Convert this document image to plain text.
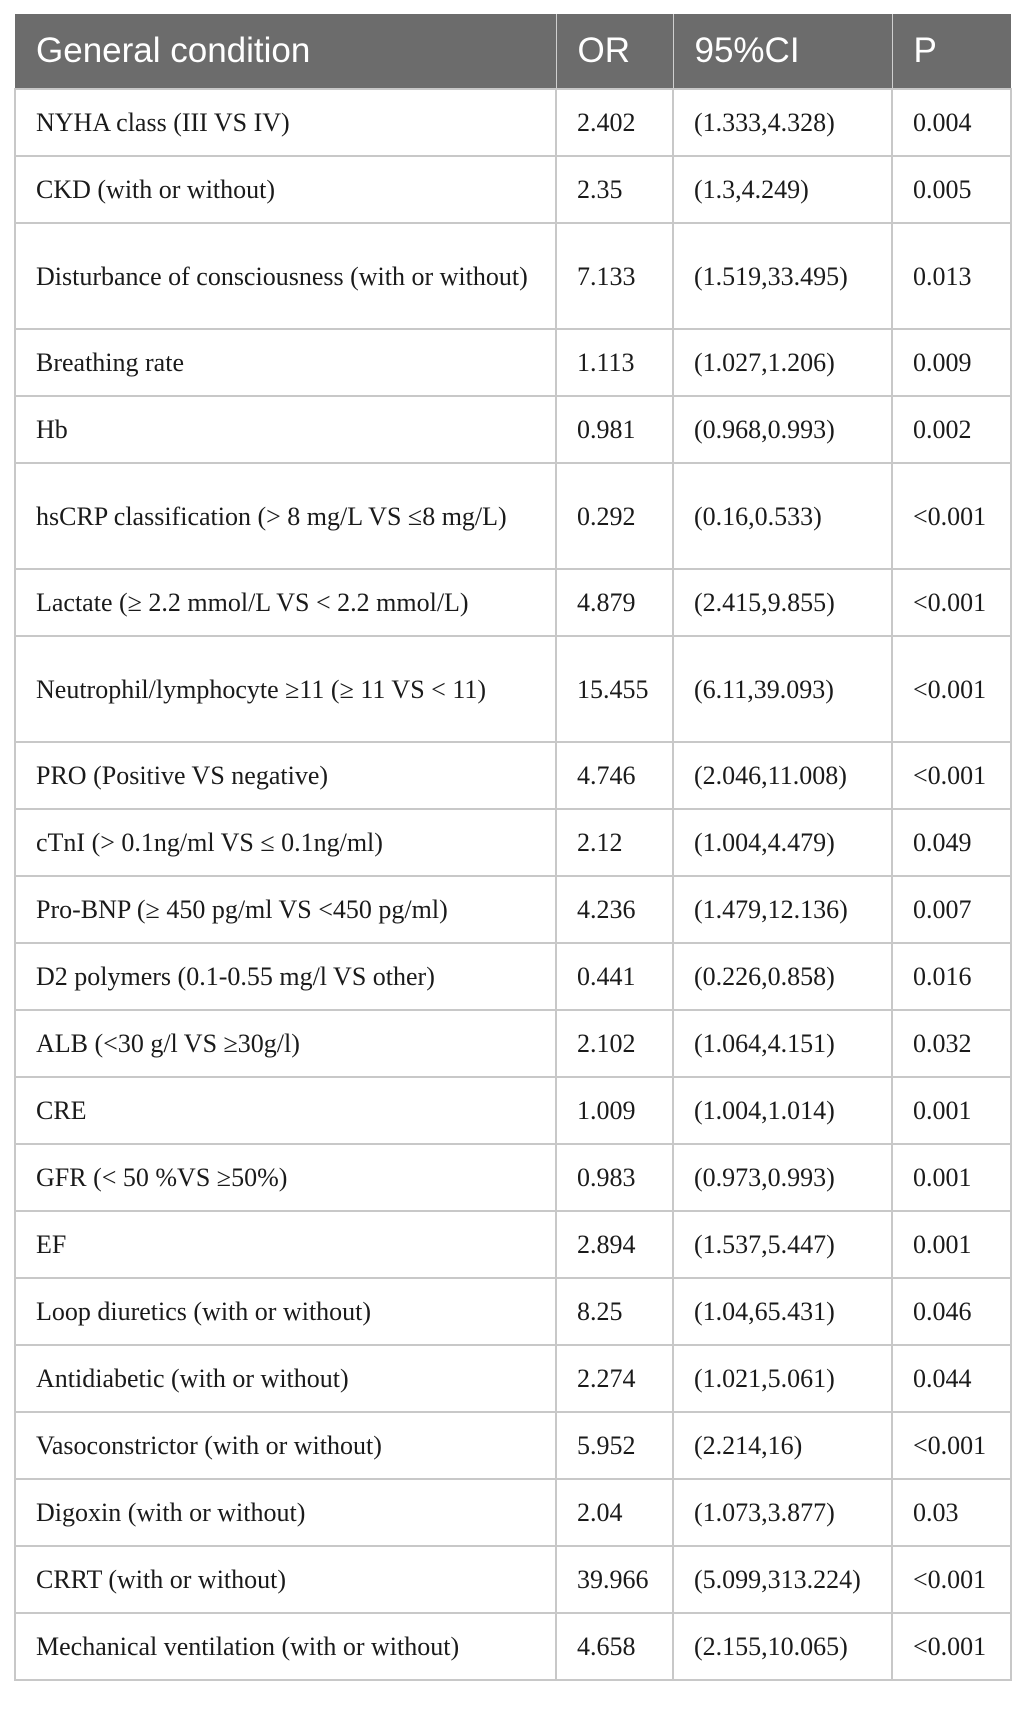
General condition	OR	95%CI	P
NYHA class (III VS IV)	2.402	(1.333,4.328)	0.004
CKD (with or without)	2.35	(1.3,4.249)	0.005
Disturbance of consciousness (with or without)	7.133	(1.519,33.495)	0.013
Breathing rate	1.113	(1.027,1.206)	0.009
Hb	0.981	(0.968,0.993)	0.002
hsCRP classification (> 8 mg/L VS ≤8 mg/L)	0.292	(0.16,0.533)	<0.001
Lactate (≥ 2.2 mmol/L VS < 2.2 mmol/L)	4.879	(2.415,9.855)	<0.001
Neutrophil/lymphocyte ≥11 (≥ 11 VS < 11)	15.455	(6.11,39.093)	<0.001
PRO (Positive VS negative)	4.746	(2.046,11.008)	<0.001
cTnI (> 0.1ng/ml VS ≤ 0.1ng/ml)	2.12	(1.004,4.479)	0.049
Pro-BNP (≥ 450 pg/ml VS <450 pg/ml)	4.236	(1.479,12.136)	0.007
D2 polymers (0.1-0.55 mg/l VS other)	0.441	(0.226,0.858)	0.016
ALB (<30 g/l VS ≥30g/l)	2.102	(1.064,4.151)	0.032
CRE	1.009	(1.004,1.014)	0.001
GFR (< 50 %VS ≥50%)	0.983	(0.973,0.993)	0.001
EF	2.894	(1.537,5.447)	0.001
Loop diuretics (with or without)	8.25	(1.04,65.431)	0.046
Antidiabetic (with or without)	2.274	(1.021,5.061)	0.044
Vasoconstrictor (with or without)	5.952	(2.214,16)	<0.001
Digoxin (with or without)	2.04	(1.073,3.877)	0.03
CRRT (with or without)	39.966	(5.099,313.224)	<0.001
Mechanical ventilation (with or without)	4.658	(2.155,10.065)	<0.001
